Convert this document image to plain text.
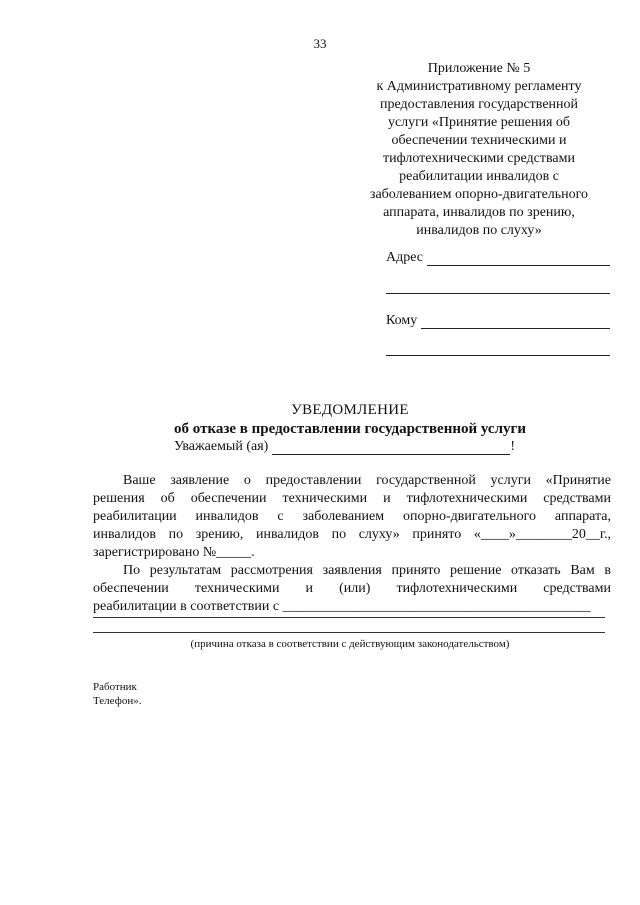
33
Приложение № 5
к Административному регламенту
предоставления государственной
услуги «Принятие решения об
обеспечении техническими и
тифлотехническими средствами
реабилитации инвалидов с
заболеванием опорно-двигательного
аппарата, инвалидов по зрению,
инвалидов по слуху»
Адрес
Кому
УВЕДОМЛЕНИЕ
об отказе в предоставлении государственной услуги
Уважаемый (ая)	!
Ваше заявление о предоставлении государственной услуги «Принятие
решения об обеспечении техническими и тифлотехническими средствами
реабилитации инвалидов с заболеванием опорно-двигательного аппарата,
инвалидов по зрению, инвалидов по слуху» принято «____»________20__г.,
зарегистрировано №_____.
По результатам рассмотрения заявления принято решение отказать Вам в
обеспечении техническими и (или) тифлотехническими средствами
реабилитации в соответствии с ____________________________________________
(причина отказа в соответствии с действующим законодательством)
Работник
Телефон».
